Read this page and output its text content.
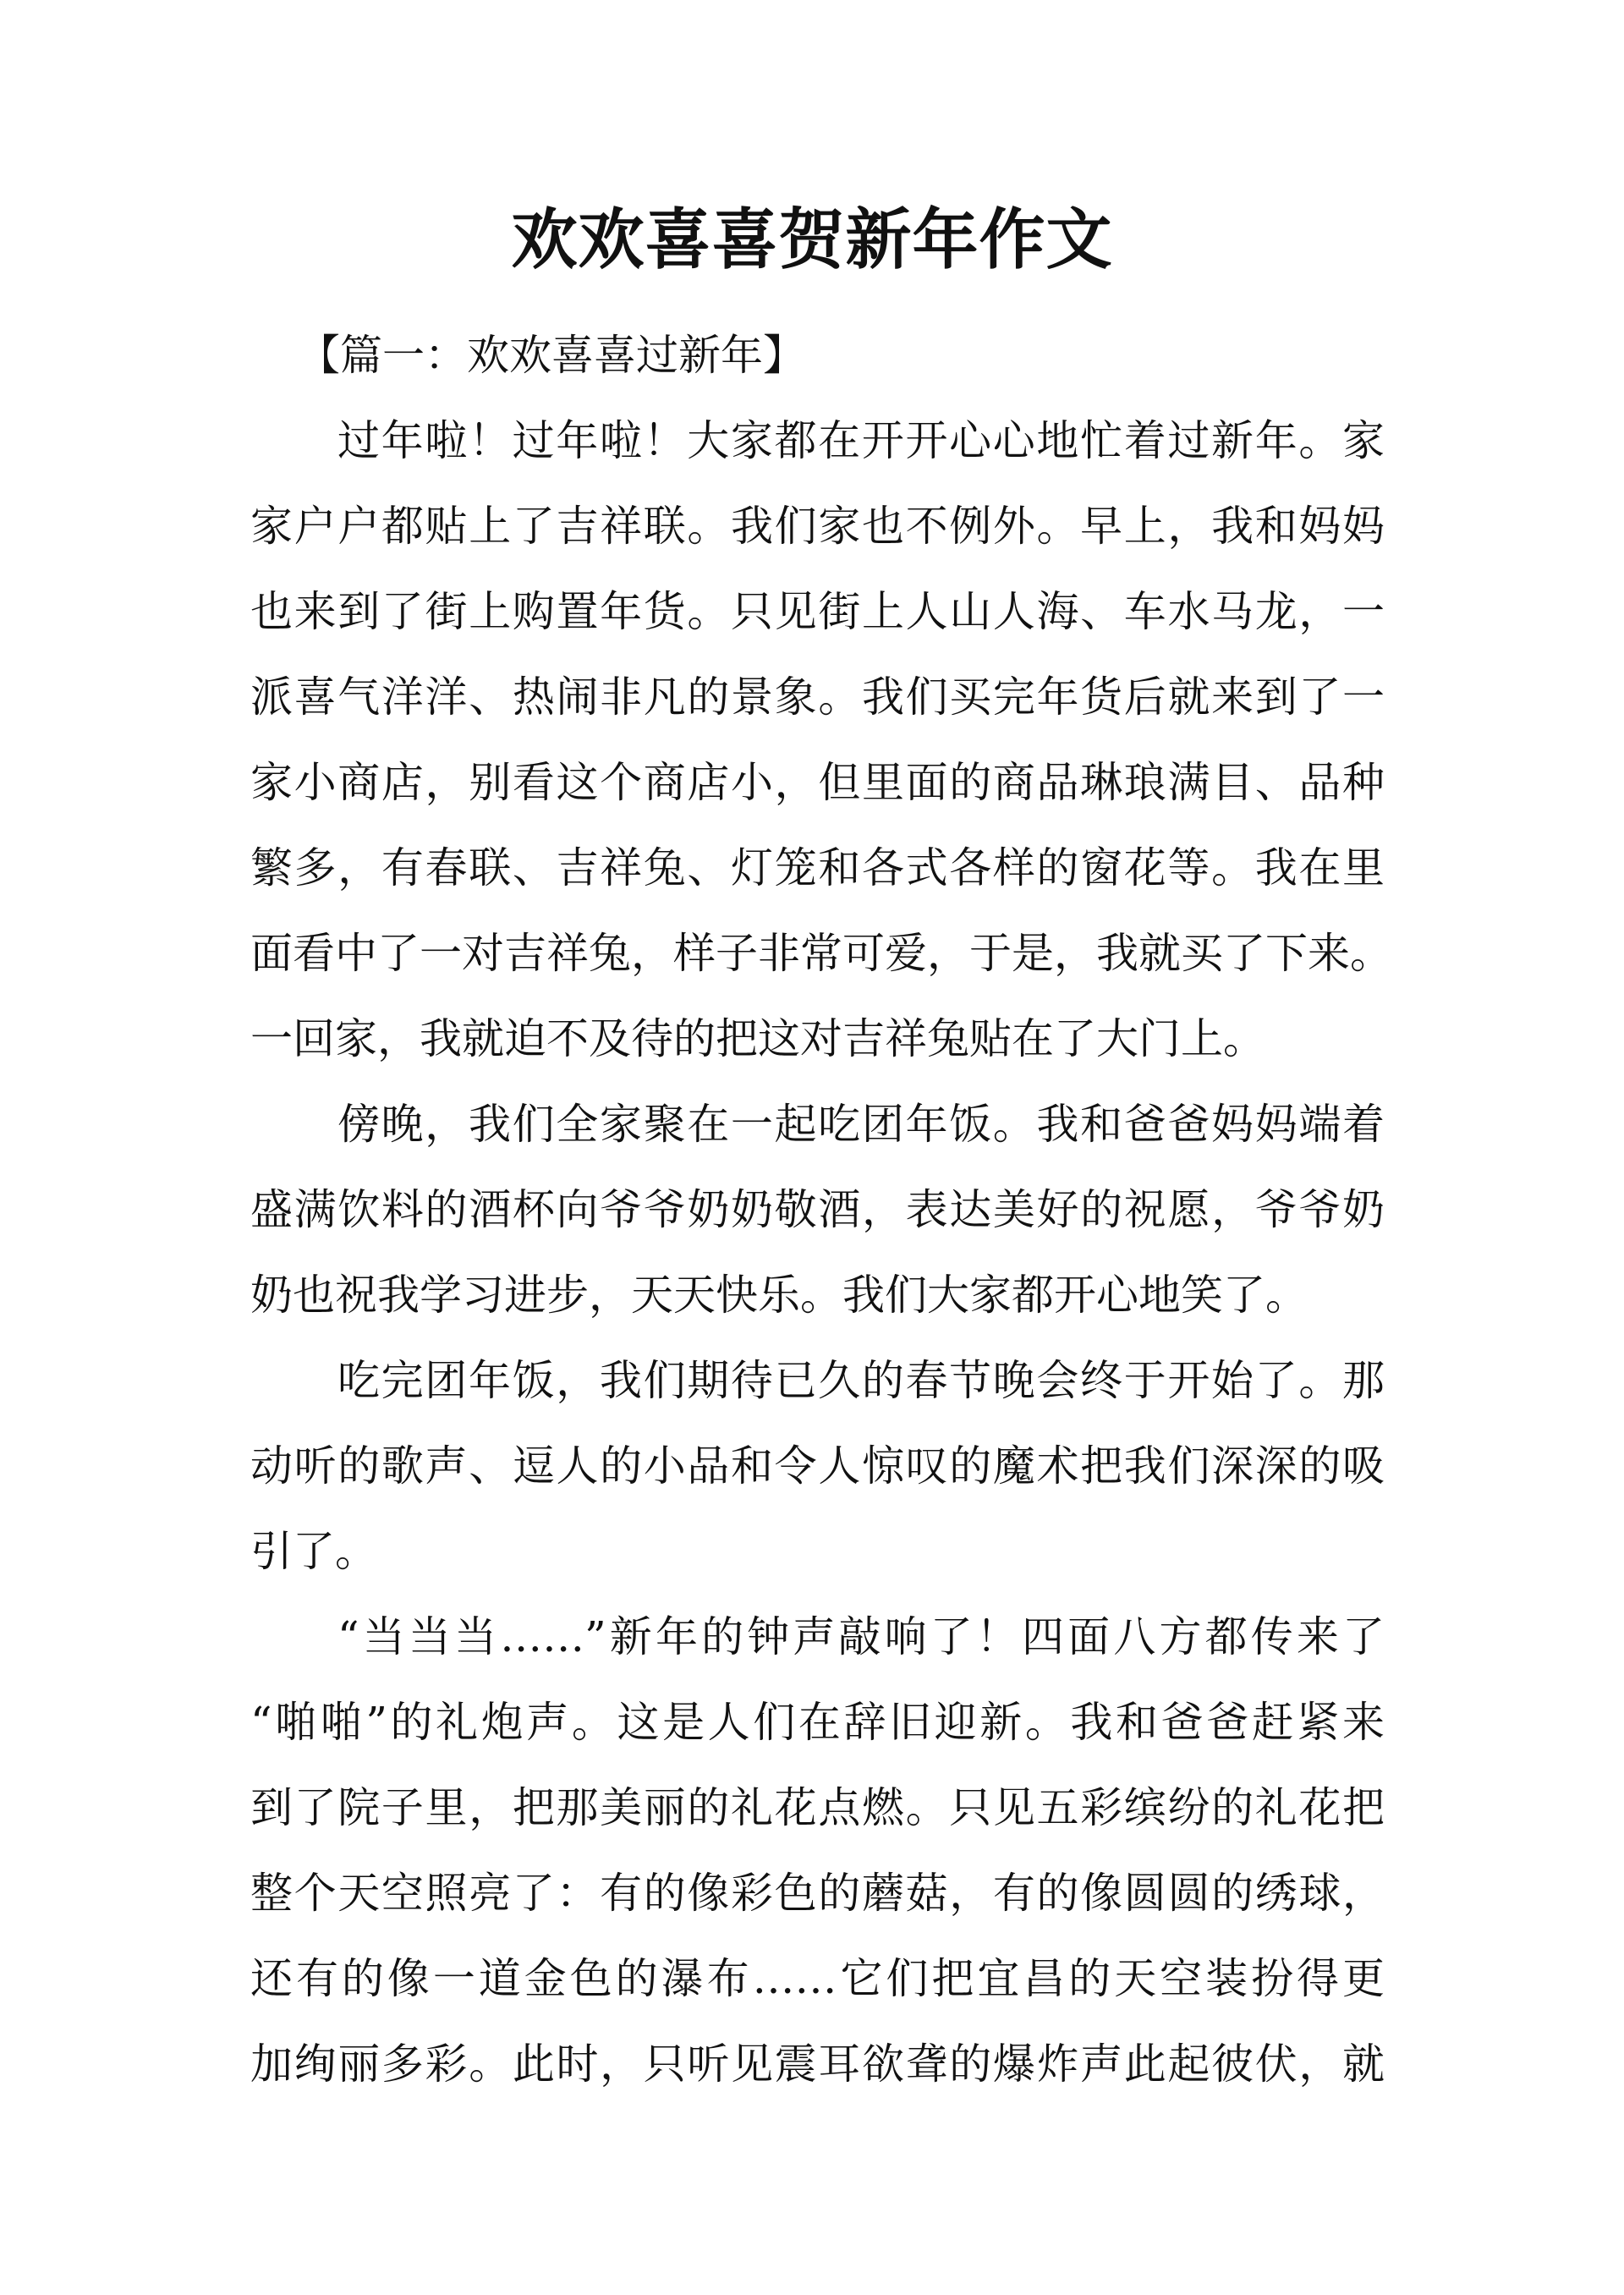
欢欢喜喜贺新年作文
【篇一：欢欢喜喜过新年】
过年啦！过年啦！大家都在开开心心地忙着过新年。家
家户户都贴上了吉祥联。我们家也不例外。早上，我和妈妈
也来到了街上购置年货。只见街上人山人海、车水马龙，一
派喜气洋洋、热闹非凡的景象。我们买完年货后就来到了一
家小商店，别看这个商店小，但里面的商品琳琅满目、品种
繁多，有春联、吉祥兔、灯笼和各式各样的窗花等。我在里
面看中了一对吉祥兔，样子非常可爱，于是，我就买了下来。
一回家，我就迫不及待的把这对吉祥兔贴在了大门上。
傍晚，我们全家聚在一起吃团年饭。我和爸爸妈妈端着
盛满饮料的酒杯向爷爷奶奶敬酒，表达美好的祝愿，爷爷奶
奶也祝我学习进步，天天快乐。我们大家都开心地笑了。
吃完团年饭，我们期待已久的春节晚会终于开始了。那
动听的歌声、逗人的小品和令人惊叹的魔术把我们深深的吸
引了。
“当当当……”新年的钟声敲响了！四面八方都传来了
“啪啪”的礼炮声。这是人们在辞旧迎新。我和爸爸赶紧来
到了院子里，把那美丽的礼花点燃。只见五彩缤纷的礼花把
整个天空照亮了：有的像彩色的蘑菇，有的像圆圆的绣球，
还有的像一道金色的瀑布……它们把宜昌的天空装扮得更
加绚丽多彩。此时，只听见震耳欲聋的爆炸声此起彼伏，就
